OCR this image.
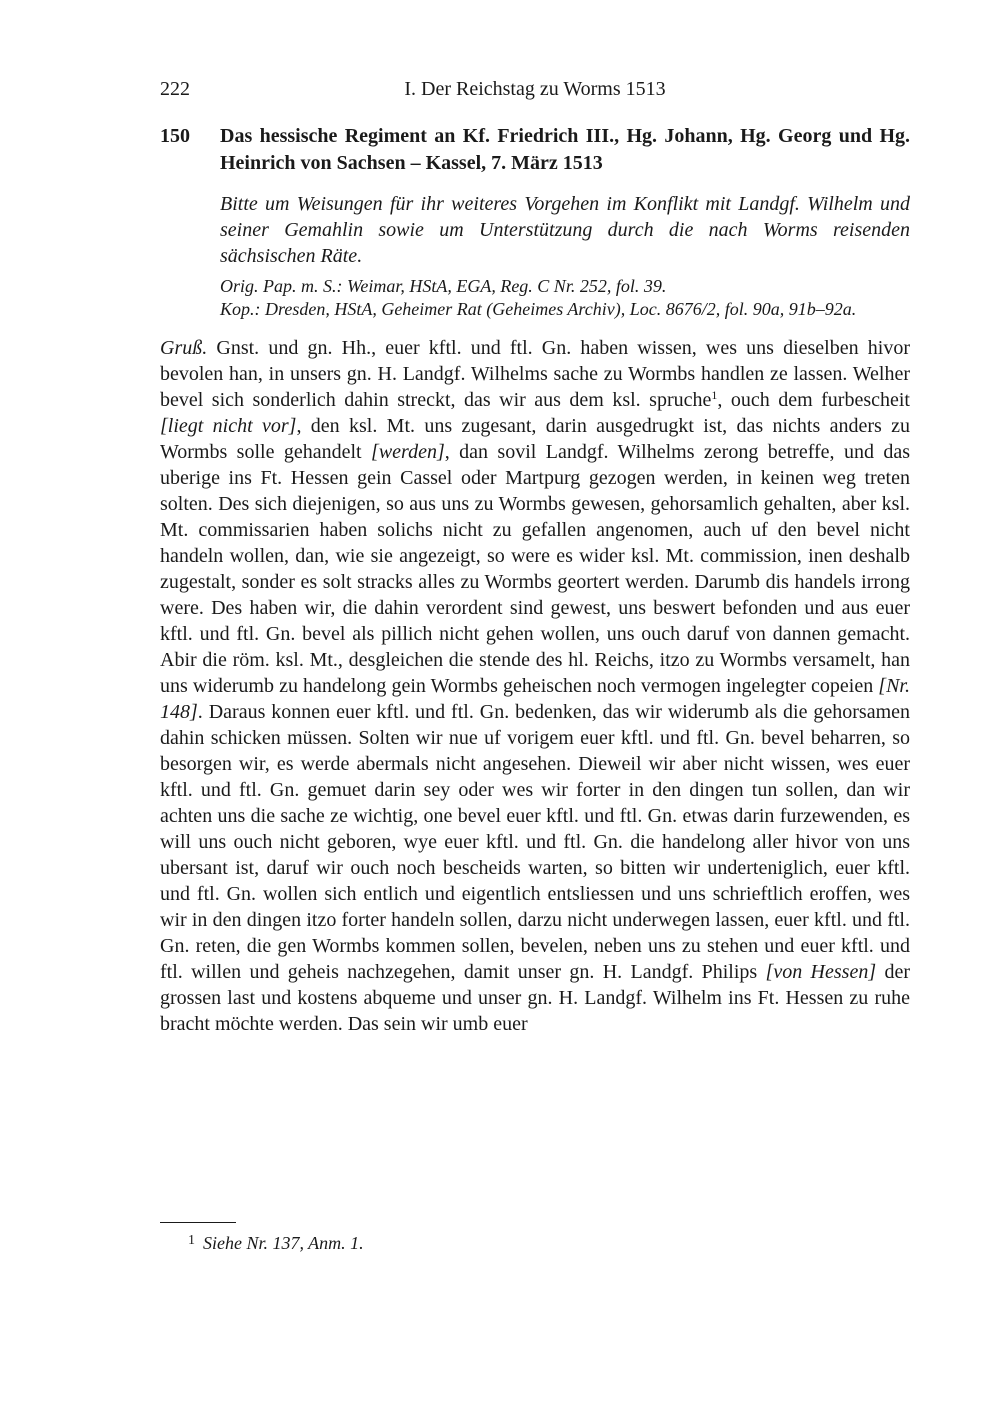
222	I. Der Reichstag zu Worms 1513
150	Das hessische Regiment an Kf. Friedrich III., Hg. Johann, Hg. Georg und Hg. Heinrich von Sachsen – Kassel, 7. März 1513
Bitte um Weisungen für ihr weiteres Vorgehen im Konflikt mit Landgf. Wilhelm und seiner Gemahlin sowie um Unterstützung durch die nach Worms reisenden sächsischen Räte.
Orig. Pap. m. S.: Weimar, HStA, EGA, Reg. C Nr. 252, fol. 39.
Kop.: Dresden, HStA, Geheimer Rat (Geheimes Archiv), Loc. 8676/2, fol. 90a, 91b–92a.
Gruß. Gnst. und gn. Hh., euer kftl. und ftl. Gn. haben wissen, wes uns dieselben hivor bevolen han, in unsers gn. H. Landgf. Wilhelms sache zu Wormbs handlen ze lassen. Welher bevel sich sonderlich dahin streckt, das wir aus dem ksl. spruche$^1$, ouch dem furbescheit [liegt nicht vor], den ksl. Mt. uns zugesant, darin ausgedrugkt ist, das nichts anders zu Wormbs solle gehandelt [werden], dan sovil Landgf. Wilhelms zerong betreffe, und das uberige ins Ft. Hessen gein Cassel oder Martpurg gezogen werden, in keinen weg treten solten. Des sich diejenigen, so aus uns zu Wormbs gewesen, gehorsamlich gehalten, aber ksl. Mt. commissarien haben solichs nicht zu gefallen angenomen, auch uf den bevel nicht handeln wollen, dan, wie sie angezeigt, so were es wider ksl. Mt. commission, inen deshalb zugestalt, sonder es solt stracks alles zu Wormbs geortert werden. Darumb dis handels irrong were. Des haben wir, die dahin verordent sind gewest, uns beswert befonden und aus euer kftl. und ftl. Gn. bevel als pillich nicht gehen wollen, uns ouch daruf von dannen gemacht. Abir die röm. ksl. Mt., desgleichen die stende des hl. Reichs, itzo zu Wormbs versamelt, han uns widerumb zu handelong gein Wormbs geheischen noch vermogen ingelegter copeien [Nr. 148]. Daraus konnen euer kftl. und ftl. Gn. bedenken, das wir widerumb als die gehorsamen dahin schicken müssen. Solten wir nue uf vorigem euer kftl. und ftl. Gn. bevel beharren, so besorgen wir, es werde abermals nicht angesehen. Dieweil wir aber nicht wissen, wes euer kftl. und ftl. Gn. gemuet darin sey oder wes wir forter in den dingen tun sollen, dan wir achten uns die sache ze wichtig, one bevel euer kftl. und ftl. Gn. etwas darin furzewenden, es will uns ouch nicht geboren, wye euer kftl. und ftl. Gn. die handelong aller hivor von uns ubersant ist, daruf wir ouch noch bescheids warten, so bitten wir underteniglich, euer kftl. und ftl. Gn. wollen sich entlich und eigentlich entsliessen und uns schrieftlich eroffen, wes wir in den dingen itzo forter handeln sollen, darzu nicht underwegen lassen, euer kftl. und ftl. Gn. reten, die gen Wormbs kommen sollen, bevelen, neben uns zu stehen und euer kftl. und ftl. willen und geheis nachzegehen, damit unser gn. H. Landgf. Philips [von Hessen] der grossen last und kostens abqueme und unser gn. H. Landgf. Wilhelm ins Ft. Hessen zu ruhe bracht möchte werden. Das sein wir umb euer
$^1$ Siehe Nr. 137, Anm. 1.
